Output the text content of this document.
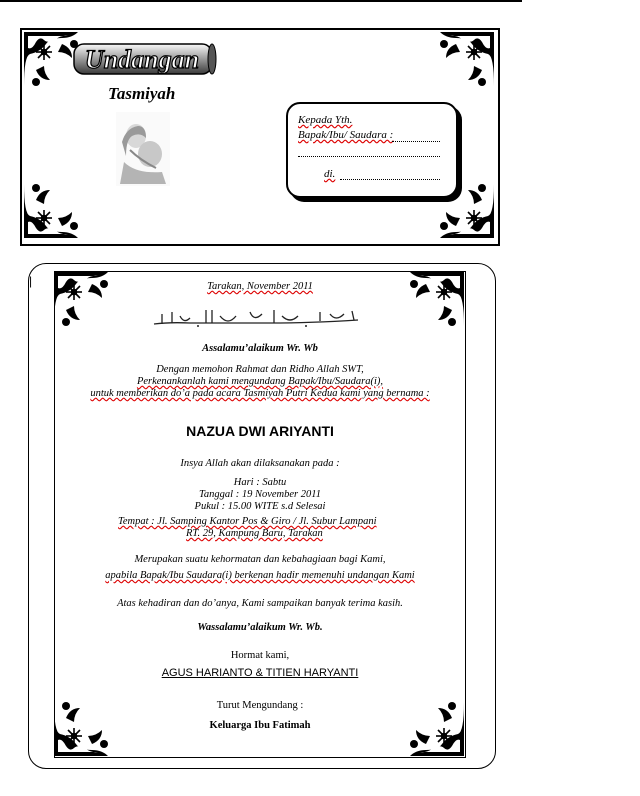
Undangan
Tasmiyah
Kepada Yth.
Bapak/Ibu/ Saudara :
di.
|	Tarakan, November 2011
Assalamu’alaikum Wr. Wb
Dengan memohon Rahmat dan Ridho Allah SWT,
Perkenankanlah kami mengundang Bapak/Ibu/Saudara(i),
untuk memberikan do’a pada acara Tasmiyah Putri Kedua kami yang bernama :
NAZUA DWI ARIYANTI
Insya Allah akan dilaksanakan pada :
Hari : Sabtu
Tanggal : 19 November 2011
Pukul : 15.00 WITE s.d Selesai
Tempat : Jl. Samping Kantor Pos & Giro / Jl. Subur Lampani
RT. 29, Kampung Baru, Tarakan
Merupakan suatu kehormatan dan kebahagiaan bagi Kami,
apabila Bapak/Ibu Saudara(i) berkenan hadir memenuhi undangan Kami
Atas kehadiran dan do’anya, Kami sampaikan banyak terima kasih.
Wassalamu’alaikum Wr. Wb.
Hormat kami,
AGUS HARIANTO & TITIEN HARYANTI
Turut Mengundang :
Keluarga Ibu Fatimah
